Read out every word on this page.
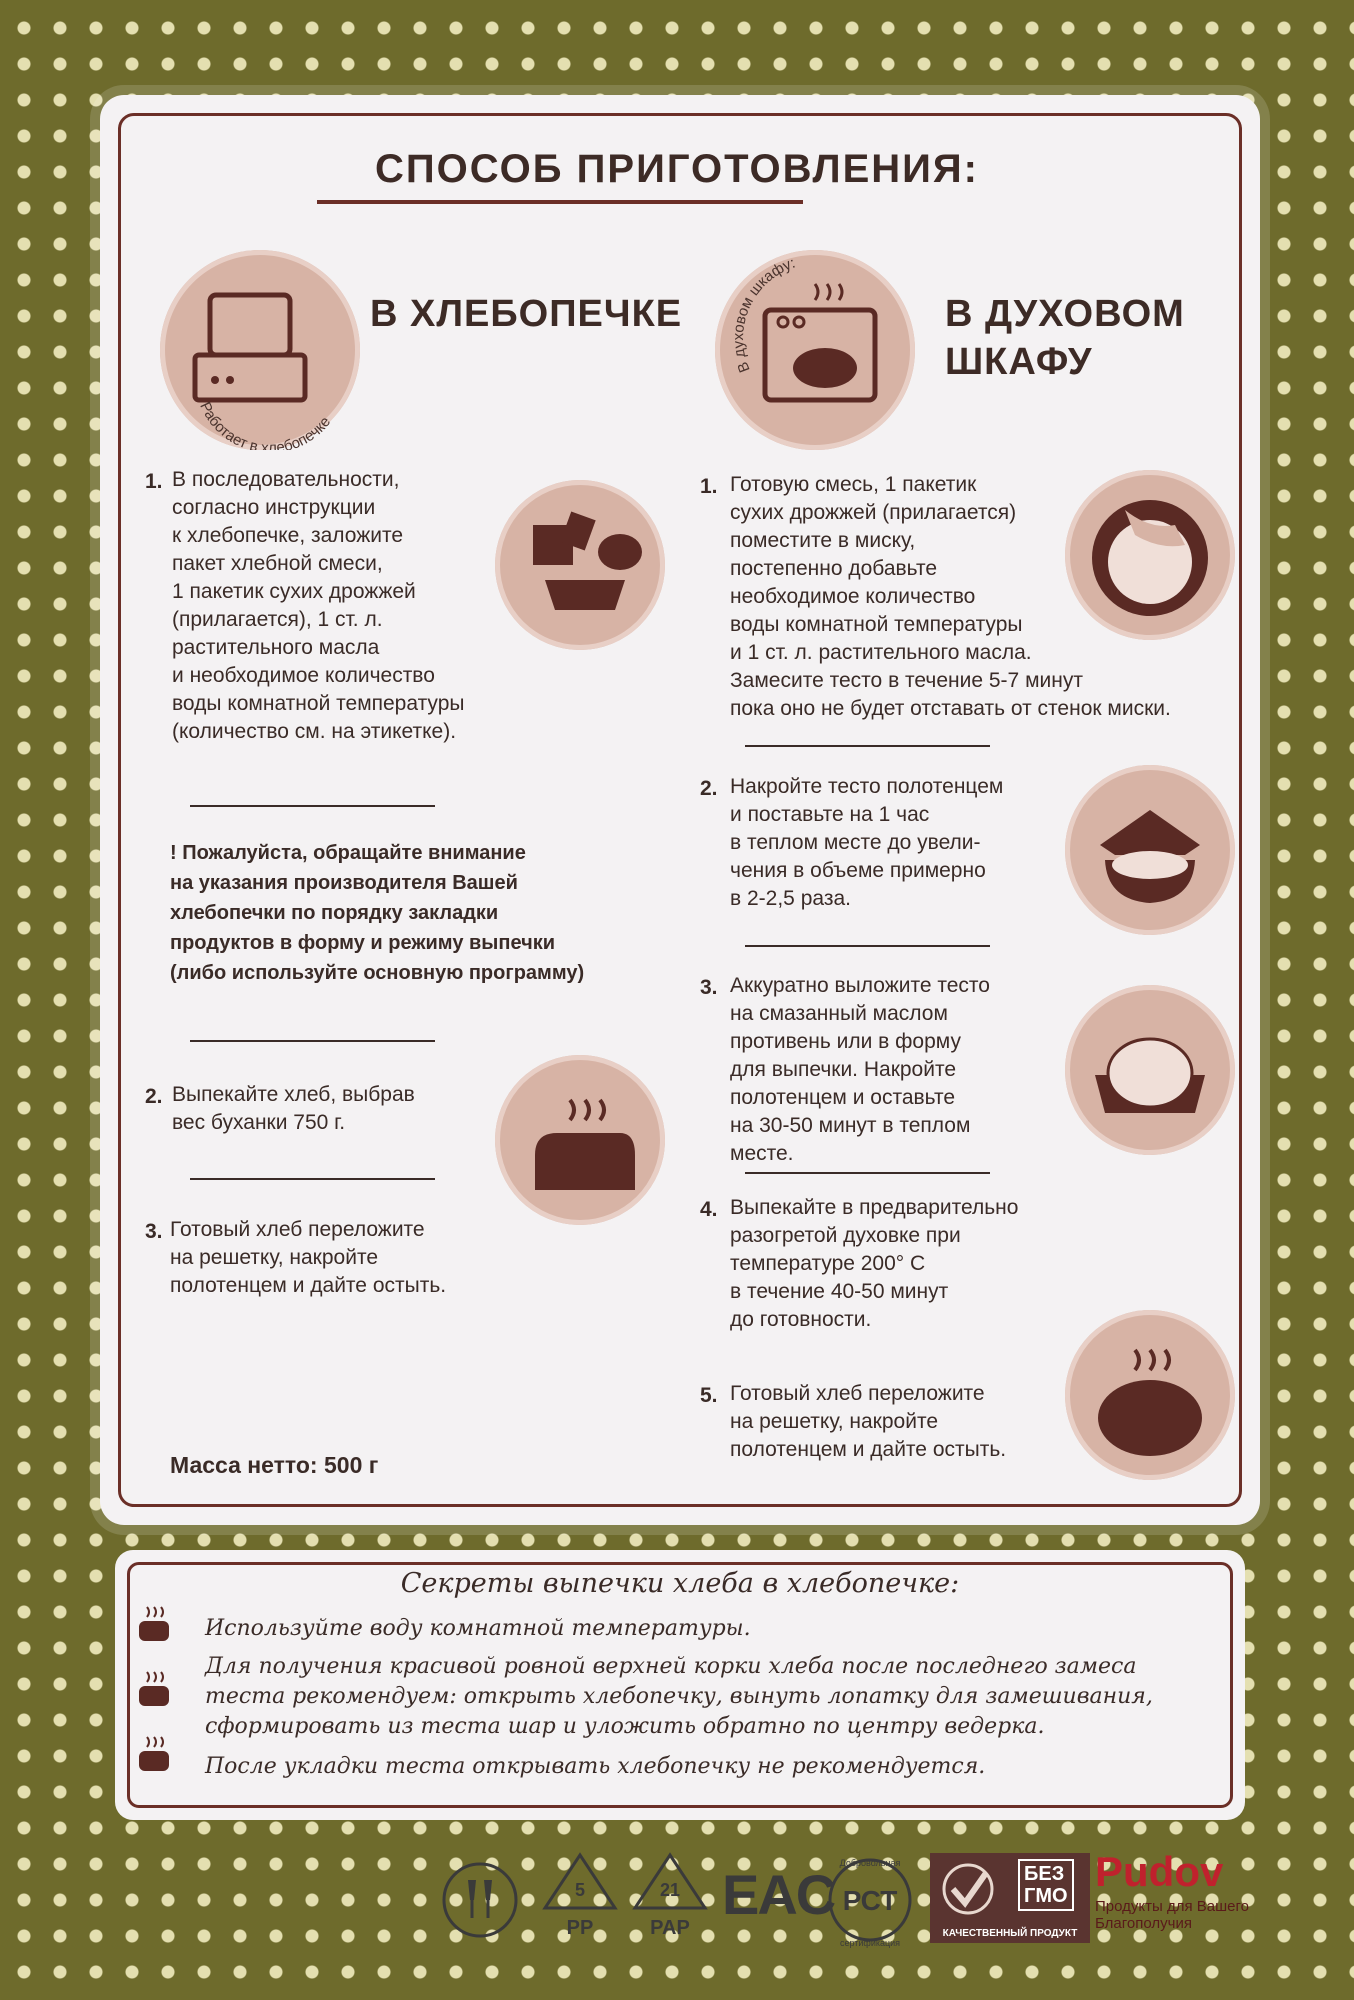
СПОСОБ ПРИГОТОВЛЕНИЯ:
Работает в хлебопечке
В ХЛЕБОПЕЧКЕ
В духовом шкафу:
В ДУХОВОМ
ШКАФУ
1. В последовательности,
согласно инструкции
к хлебопечке, заложите
пакет хлебной смеси,
1 пакетик сухих дрожжей
(прилагается), 1 ст. л.
растительного масла
и необходимое количество
воды комнатной температуры
(количество см. на этикетке).
! Пожалуйста, обращайте внимание
на указания производителя Вашей
хлебопечки по порядку закладки
продуктов в форму и режиму выпечки
(либо используйте основную программу)
2. Выпекайте хлеб, выбрав
вес буханки 750 г.
3. Готовый хлеб переложите
на решетку, накройте
полотенцем и дайте остыть.
Масса нетто: 500 г
1. Готовую смесь, 1 пакетик
сухих дрожжей (прилагается)
поместите в миску,
постепенно добавьте
необходимое количество
воды комнатной температуры
и 1 ст. л. растительного масла.
Замесите тесто в течение 5-7 минут
пока оно не будет отставать от стенок миски.
2. Накройте тесто полотенцем
и поставьте на 1 час
в теплом месте до увели-
чения в объеме примерно
в 2-2,5 раза.
3. Аккуратно выложите тесто
на смазанный маслом
противень или в форму
для выпечки. Накройте
полотенцем и оставьте
на 30-50 минут в теплом
месте.
4. Выпекайте в предварительно
разогретой духовке при
температуре 200° С
в течение 40-50 минут
до готовности.
5. Готовый хлеб переложите
на решетку, накройте
полотенцем и дайте остыть.
Секреты выпечки хлеба в хлебопечке:
Используйте воду комнатной температуры.
Для получения красивой ровной верхней корки хлеба после последнего замеса
теста рекомендуем: открыть хлебопечку, вынуть лопатку для замешивания,
сформировать из теста шар и уложить обратно по центру ведерка.
После укладки теста открывать хлебопечку не рекомендуется.
5
PP
21
PAP
EAC РСТ
Добровольная
сертификация
БЕЗ
ГМО
КАЧЕСТВЕННЫЙ ПРОДУКТ
Pudov
Продукты для Вашего
Благополучия
